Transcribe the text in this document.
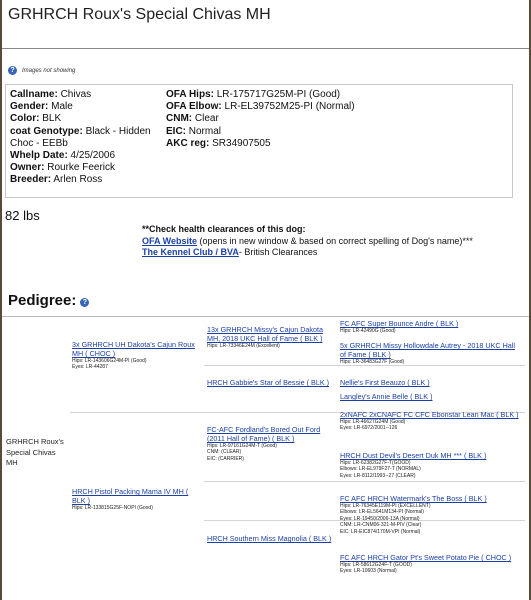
GRHRCH Roux's Special Chivas MH
?	Images not showing
Callname: Chivas
Gender: Male
Color: BLK
coat Genotype: Black - Hidden Choc - EEBb
Whelp Date: 4/25/2006
Owner: Rourke Feerick
Breeder: Arlen Ross
OFA Hips: LR-175717G25M-PI (Good)
OFA Elbow: LR-EL39752M25-PI (Normal)
CNM: Clear
EIC: Normal
AKC reg: SR34907505
82 lbs
**Check health clearances of this dog:
OFA Website (opens in new window & based on correct spelling of Dog's name)***
The Kennel Club / BVA- British Clearances
Pedigree: ?
GRHRCH Roux's Special Chivas MH
3x GRHRCH UH Dakota's Cajun Roux MH ( CHOC )
Hips: LR-143606G24M-PI (Good)
Eyes: LR-44287
HRCH Pistol Packing Mama IV MH ( BLK )
Hips: LR-133815G25F-NOPI (Good)
13x GRHRCH Missy's Cajun Dakota MH, 2018 UKC Hall of Fame ( BLK )
Hips: LR-73346E24M (Excellent)
HRCH Gabbie's Star of Bessie ( BLK )
FC-AFC Fordland's Bored Out Ford (2011 Hall of Fame) ( BLK )
Hips: LR-97161G24M-T (Good)
CNM: (CLEAR)
EIC: (CARRIER)
HRCH Southern Miss Magnolia ( BLK )
FC AFC Super Bounce Andre ( BLK )
Hips: LR-42490G (Good)
5x GRHRCH Missy Hollowdale Autrey - 2018 UKC Hall of Fame ( BLK )
Hips: LR-36483G27F (Good)
Nellie's First Beauzo ( BLK )
Langley's Annie Belle ( BLK )
2xNAFC 2xCNAFC FC CFC Ebonstar Lean Mac ( BLK )
Hips: LR-46627G24M (Good)
Eyes: LR-6972/2001--126
HRCH Dust Devil's Desert Duk MH *** ( BLK )
Hips: LR-62382G27F-T(GOOD)
Elbows: LR-EL979F27-T (NORMAL)
Eyes: LR-8112/1993--27 (CLEAR)
FC AFC HRCH Watermark's The Boss ( BLK )
Hips: LR-76345E119M-PI (EXCELLENT)
Elbows: LR-EL5641M134-PI (Normal)
Eyes: LR-19450/2006-13A (Normal)
CNM: LR-CNM06-321-M-PIV (Clear)
EIC: LR-EIC874/170M-VPI (Normal)
FC AFC HRCH Gator Pt's Sweet Potato Pie ( CHOC )
Hips: LR-58612G24F-T (GOOD)
Eyes: LR-10603 (Normal)
